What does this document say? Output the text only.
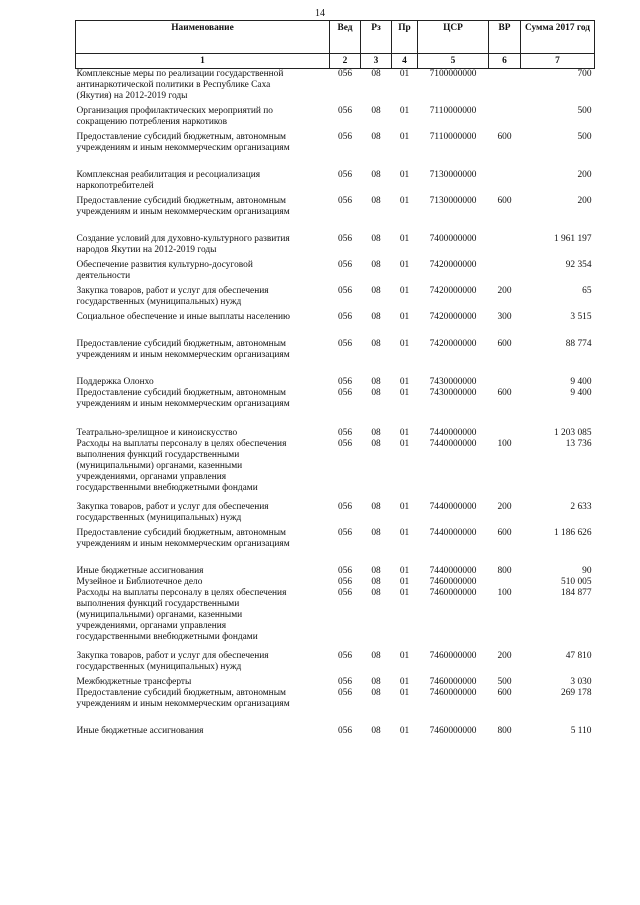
14
Наименование	Вед	Рз	Пр	ЦСР	ВР	Сумма 2017 год
1	2	3	4	5	6	7
Комплексные меры по реализации государственной
антинаркотической политики в Республике Саха
(Якутия) на 2012-2019 годы	056	08	01	7100000000		700
Организация профилактических мероприятий по
сокращению потребления наркотиков	056	08	01	7110000000		500
Предоставление субсидий бюджетным, автономным
учреждениям и иным некоммерческим организациям	056	08	01	7110000000	600	500
Комплексная реабилитация и ресоциализация
наркопотребителей	056	08	01	7130000000		200
Предоставление субсидий бюджетным, автономным
учреждениям и иным некоммерческим организациям	056	08	01	7130000000	600	200
Создание условий для духовно-культурного развития
народов Якутии на 2012-2019 годы	056	08	01	7400000000		1 961 197
Обеспечение развития культурно-досуговой
деятельности	056	08	01	7420000000		92 354
Закупка товаров, работ и услуг для обеспечения
государственных (муниципальных) нужд	056	08	01	7420000000	200	65
Социальное обеспечение и иные выплаты населению	056	08	01	7420000000	300	3 515
Предоставление субсидий бюджетным, автономным
учреждениям и иным некоммерческим организациям	056	08	01	7420000000	600	88 774
Поддержка Олонхо	056	08	01	7430000000		9 400
Предоставление субсидий бюджетным, автономным
учреждениям и иным некоммерческим организациям	056	08	01	7430000000	600	9 400
Театрально-зрелищное и киноискусство	056	08	01	7440000000		1 203 085
Расходы на выплаты персоналу в целях обеспечения
выполнения функций государственными
(муниципальными) органами, казенными
учреждениями, органами управления
государственными внебюджетными фондами	056	08	01	7440000000	100	13 736
Закупка товаров, работ и услуг для обеспечения
государственных (муниципальных) нужд	056	08	01	7440000000	200	2 633
Предоставление субсидий бюджетным, автономным
учреждениям и иным некоммерческим организациям	056	08	01	7440000000	600	1 186 626
Иные бюджетные ассигнования	056	08	01	7440000000	800	90
Музейное и Библиотечное дело	056	08	01	7460000000		510 005
Расходы на выплаты персоналу в целях обеспечения
выполнения функций государственными
(муниципальными) органами, казенными
учреждениями, органами управления
государственными внебюджетными фондами	056	08	01	7460000000	100	184 877
Закупка товаров, работ и услуг для обеспечения
государственных (муниципальных) нужд	056	08	01	7460000000	200	47 810
Межбюджетные трансферты	056	08	01	7460000000	500	3 030
Предоставление субсидий бюджетным, автономным
учреждениям и иным некоммерческим организациям	056	08	01	7460000000	600	269 178
Иные бюджетные ассигнования	056	08	01	7460000000	800	5 110
